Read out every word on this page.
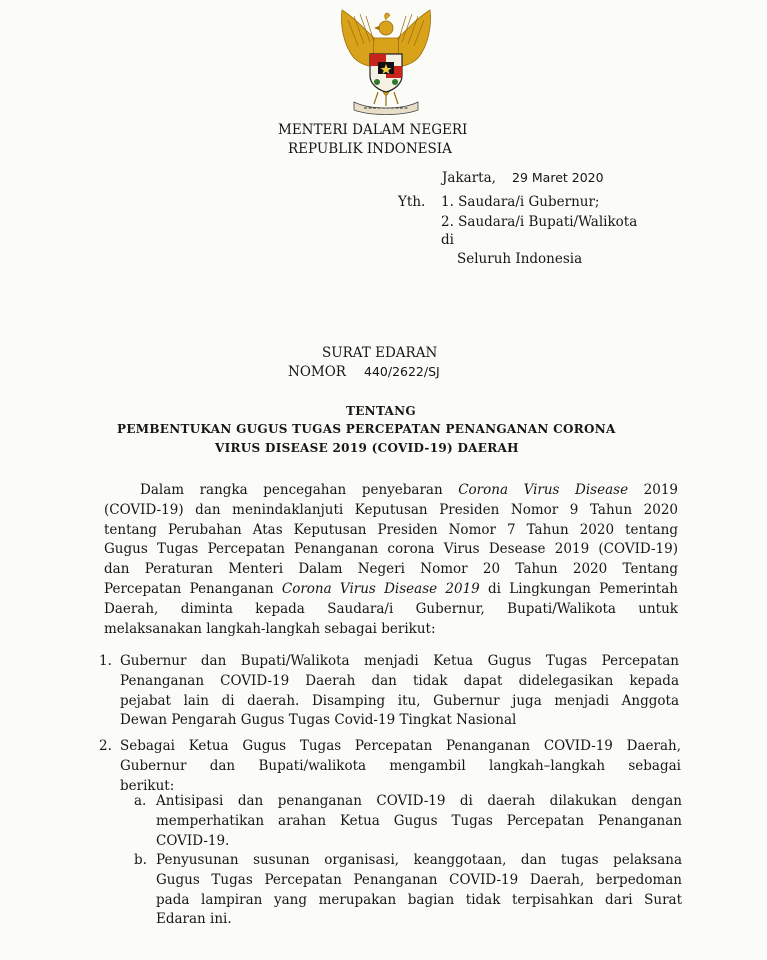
MENTERI DALAM NEGERI
REPUBLIK INDONESIA
Jakarta, 29 Maret 2020
Yth. 1. Saudara/i Gubernur;
2. Saudara/i Bupati/Walikota
di
Seluruh Indonesia
SURAT EDARAN
NOMOR 440/2622/SJ
TENTANG
PEMBENTUKAN GUGUS TUGAS PERCEPATAN PENANGANAN CORONA
VIRUS DISEASE 2019 (COVID-19) DAERAH
Dalam rangka pencegahan penyebaran Corona Virus Disease 2019
(COVID-19) dan menindaklanjuti Keputusan Presiden Nomor 9 Tahun 2020
tentang Perubahan Atas Keputusan Presiden Nomor 7 Tahun 2020 tentang
Gugus Tugas Percepatan Penanganan corona Virus Desease 2019 (COVID-19)
dan Peraturan Menteri Dalam Negeri Nomor 20 Tahun 2020 Tentang
Percepatan Penanganan Corona Virus Disease 2019 di Lingkungan Pemerintah
Daerah, diminta kepada Saudara/i Gubernur, Bupati/Walikota untuk
melaksanakan langkah-langkah sebagai berikut:
1. Gubernur dan Bupati/Walikota menjadi Ketua Gugus Tugas Percepatan
Penanganan COVID-19 Daerah dan tidak dapat didelegasikan kepada
pejabat lain di daerah. Disamping itu, Gubernur juga menjadi Anggota
Dewan Pengarah Gugus Tugas Covid-19 Tingkat Nasional
2. Sebagai Ketua Gugus Tugas Percepatan Penanganan COVID-19 Daerah,
Gubernur dan Bupati/walikota mengambil langkah–langkah sebagai
berikut:
a. Antisipasi dan penanganan COVID-19 di daerah dilakukan dengan
memperhatikan arahan Ketua Gugus Tugas Percepatan Penanganan
COVID-19.
b. Penyusunan susunan organisasi, keanggotaan, dan tugas pelaksana
Gugus Tugas Percepatan Penanganan COVID-19 Daerah, berpedoman
pada lampiran yang merupakan bagian tidak terpisahkan dari Surat
Edaran ini.
